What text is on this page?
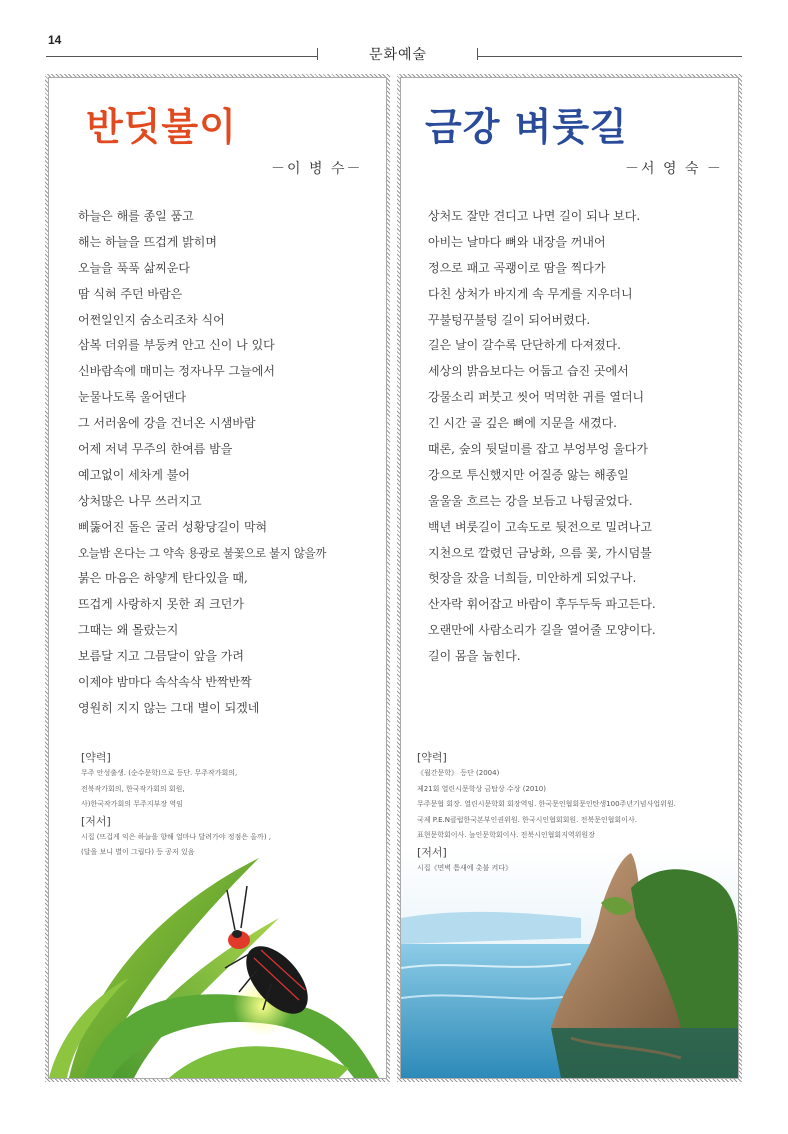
14
문화예술
반딧불이
－이 병 수－
하늘은 해를 종일 품고
해는 하늘을 뜨겁게 밝히며
오늘을 푹푹 삶찌운다
땀 식혀 주던 바람은
어쩐일인지 숨소리조차 식어
삼복 더위를 부둥켜 안고 신이 나 있다
신바람속에 매미는 정자나무 그늘에서
눈물나도록 울어댄다
그 서러움에 강을 건너온 시샘바람
어제 저녁 무주의 한여름 밤을
예고없이 세차게 불어
상처많은 나무 쓰러지고
삐뚫어진 돌은 굴러 성황당길이 막혀
오늘밤 온다는 그 약속 용광로 불꽃으로 불지 않을까
붉은 마음은 하얗게 탄다있을 때,
뜨겁게 사랑하지 못한 죄 크던가
그때는 왜 몰랐는지
보름달 지고 그믐달이 앞을 가려
이제야 밤마다 속삭속삭 반짝반짝
영원히 지지 않는 그대 별이 되겠네
[약력]
무주 안성출생. (순수문학)으로 등단. 무주작가회의,
전북작가회의, 한국작가회의 회원,
사)한국작가회의 무주지부장 역임
[저서]
시집 (뜨겁게 익은 하늘을 향해 얼마나 달려가야 정점은 올까) ,
(달을 보니 별이 그립다) 등 공저 있음
금강 벼룻길
－서 영 숙 －
상처도 잘만 견디고 나면 길이 되나 보다.
아비는 날마다 뼈와 내장을 꺼내어
정으로 패고 곡괭이로 땀을 찍다가
다친 상처가 바지게 속 무게를 지우더니
꾸불텅꾸불텅 길이 되어버렸다.
길은 날이 갈수록 단단하게 다져졌다.
세상의 밝음보다는 어둡고 습진 곳에서
강물소리 퍼붓고 씻어 먹먹한 귀를 열더니
긴 시간 골 깊은 뼈에 지문을 새겼다.
때론, 숲의 뒷덜미를 잡고 부엉부엉 울다가
강으로 투신했지만 어질증 앓는 해종일
울울울 흐르는 강을 보듬고 나뒹굴었다.
백년 벼룻길이 고속도로 뒷전으로 밀려나고
지천으로 깔렸던 금낭화, 으름 꽃, 가시덤불
헛장을 잤을 너희들, 미안하게 되었구나.
산자락 휘어잡고 바람이 후두두둑 파고든다.
오랜만에 사람소리가 길을 열어줄 모양이다.
길이 몸을 눕힌다.
[약력]
《월간문학》 등단 (2004)
제21회 열린시문학상 금탑상 수상 (2010)
무주문협 회장. 열린시문학회 회장역임. 한국문인협회문인탄생100주년기념사업위원.
국제 P.E.N클럽한국본부인권위원. 한국시인협회회원. 전북문인협회이사.
표현문학회이사. 늪인문학회이사. 전북시인협회지역위원장
[저서]
시집《면벽 틈새에 촛불 켜다》
